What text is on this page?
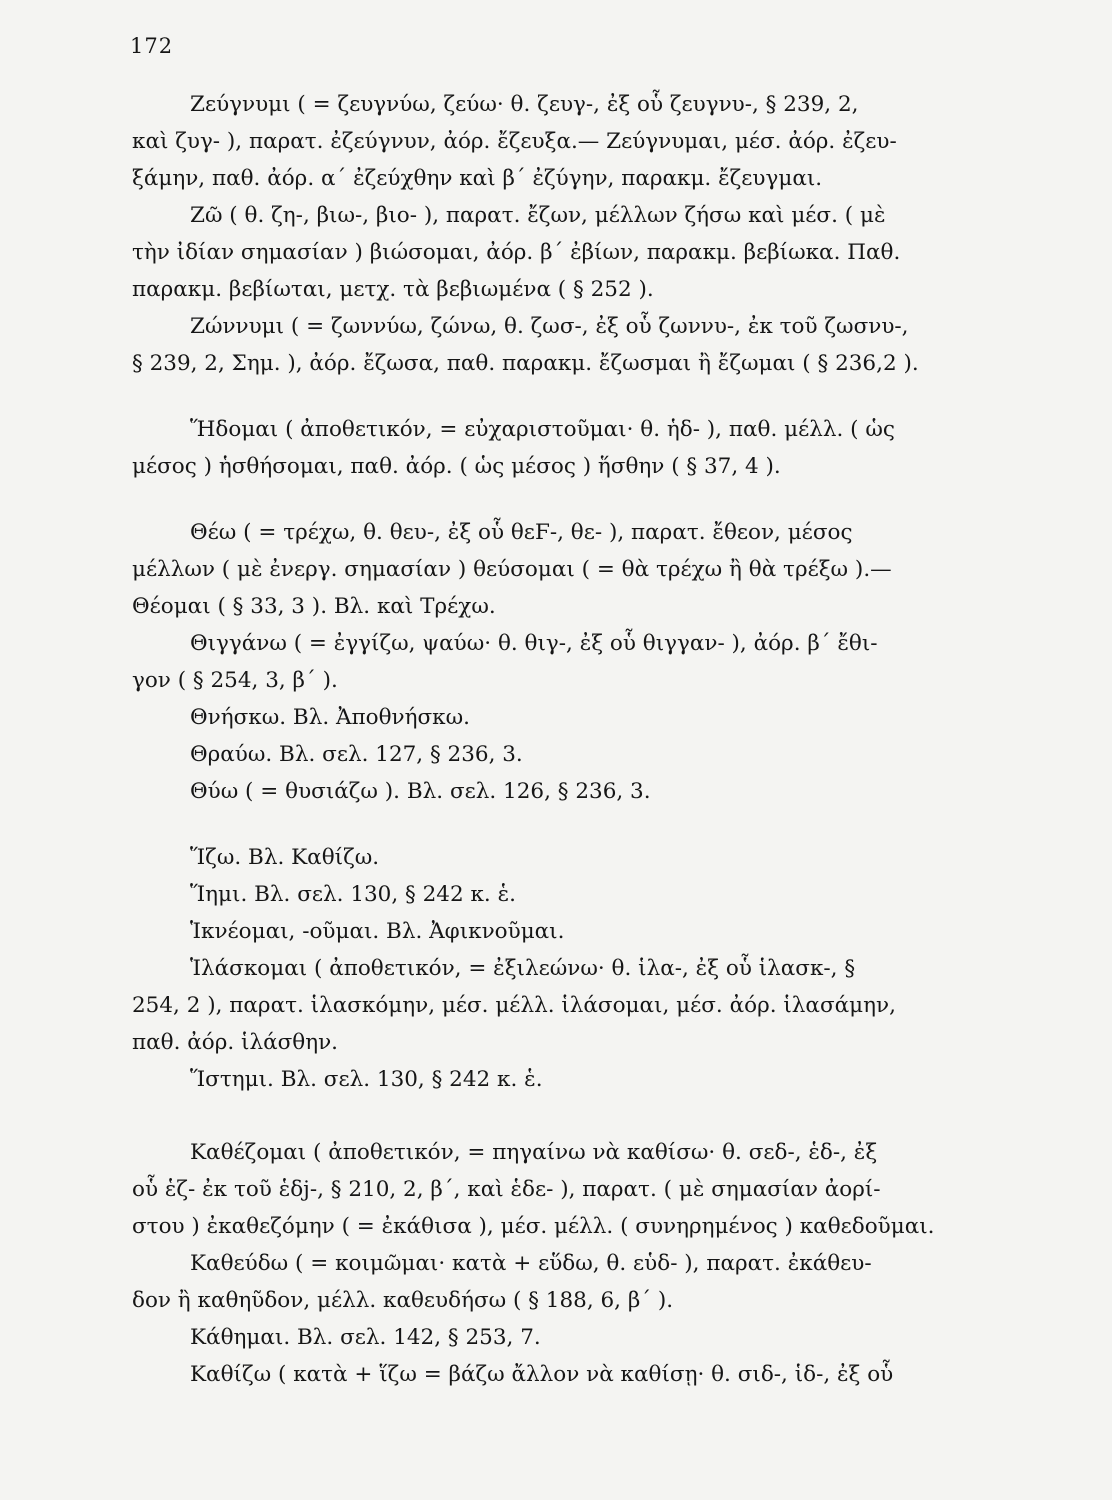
172
Ζεύγνυμι ( = ζευγνύω, ζεύω· θ. ζευγ-, ἐξ οὗ ζευγνυ-, § 239, 2,
καὶ ζυγ- ), παρατ. ἐζεύγνυν, ἀόρ. ἔζευξα.— Ζεύγνυμαι, μέσ. ἀόρ. ἐζευ-
ξάμην, παθ. ἀόρ. α΄ ἐζεύχθην καὶ β΄ ἐζύγην, παρακμ. ἔζευγμαι.
Ζῶ ( θ. ζη-, βιω-, βιο- ), παρατ. ἔζων, μέλλων ζήσω καὶ μέσ. ( μὲ
τὴν ἰδίαν σημασίαν ) βιώσομαι, ἀόρ. β΄ ἐβίων, παρακμ. βεβίωκα. Παθ.
παρακμ. βεβίωται, μετχ. τὰ βεβιωμένα ( § 252 ).
Ζώννυμι ( = ζωννύω, ζώνω, θ. ζωσ-, ἐξ οὗ ζωννυ-, ἐκ τοῦ ζωσνυ-,
§ 239, 2, Σημ. ), ἀόρ. ἔζωσα, παθ. παρακμ. ἔζωσμαι ἢ ἔζωμαι ( § 236,2 ).
Ἥδομαι ( ἀποθετικόν, = εὐχαριστοῦμαι· θ. ἡδ- ), παθ. μέλλ. ( ὡς
μέσος ) ἡσθήσομαι, παθ. ἀόρ. ( ὡς μέσος ) ἥσθην ( § 37, 4 ).
Θέω ( = τρέχω, θ. θευ-, ἐξ οὗ θεϜ-, θε- ), παρατ. ἔθεον, μέσος
μέλλων ( μὲ ἐνεργ. σημασίαν ) θεύσομαι ( = θὰ τρέχω ἢ θὰ τρέξω ).—
Θέομαι ( § 33, 3 ). Βλ. καὶ Τρέχω.
Θιγγάνω ( = ἐγγίζω, ψαύω· θ. θιγ-, ἐξ οὗ θιγγαν- ), ἀόρ. β΄ ἔθι-
γον ( § 254, 3, β΄ ).
Θνήσκω. Βλ. Ἀποθνήσκω.
Θραύω. Βλ. σελ. 127, § 236, 3.
Θύω ( = θυσιάζω ). Βλ. σελ. 126, § 236, 3.
Ἵζω. Βλ. Καθίζω.
Ἵημι. Βλ. σελ. 130, § 242 κ. ἑ.
Ἱκνέομαι, -οῦμαι. Βλ. Ἀφικνοῦμαι.
Ἱλάσκομαι ( ἀποθετικόν, = ἐξιλεώνω· θ. ἱλα-, ἐξ οὗ ἱλασκ-, §
254, 2 ), παρατ. ἱλασκόμην, μέσ. μέλλ. ἱλάσομαι, μέσ. ἀόρ. ἱλασάμην,
παθ. ἀόρ. ἱλάσθην.
Ἵστημι. Βλ. σελ. 130, § 242 κ. ἑ.
Καθέζομαι ( ἀποθετικόν, = πηγαίνω νὰ καθίσω· θ. σεδ-, ἑδ-, ἐξ
οὗ ἑζ- ἐκ τοῦ ἑδj-, § 210, 2, β΄, καὶ ἑδε- ), παρατ. ( μὲ σημασίαν ἀορί-
στου ) ἐκαθεζόμην ( = ἐκάθισα ), μέσ. μέλλ. ( συνηρημένος ) καθεδοῦμαι.
Καθεύδω ( = κοιμῶμαι· κατὰ + εὕδω, θ. εὑδ- ), παρατ. ἐκάθευ-
δον ἢ καθηῦδον, μέλλ. καθευδήσω ( § 188, 6, β΄ ).
Κάθημαι. Βλ. σελ. 142, § 253, 7.
Καθίζω ( κατὰ + ἵζω = βάζω ἄλλον νὰ καθίσῃ· θ. σιδ-, ἱδ-, ἐξ οὗ
